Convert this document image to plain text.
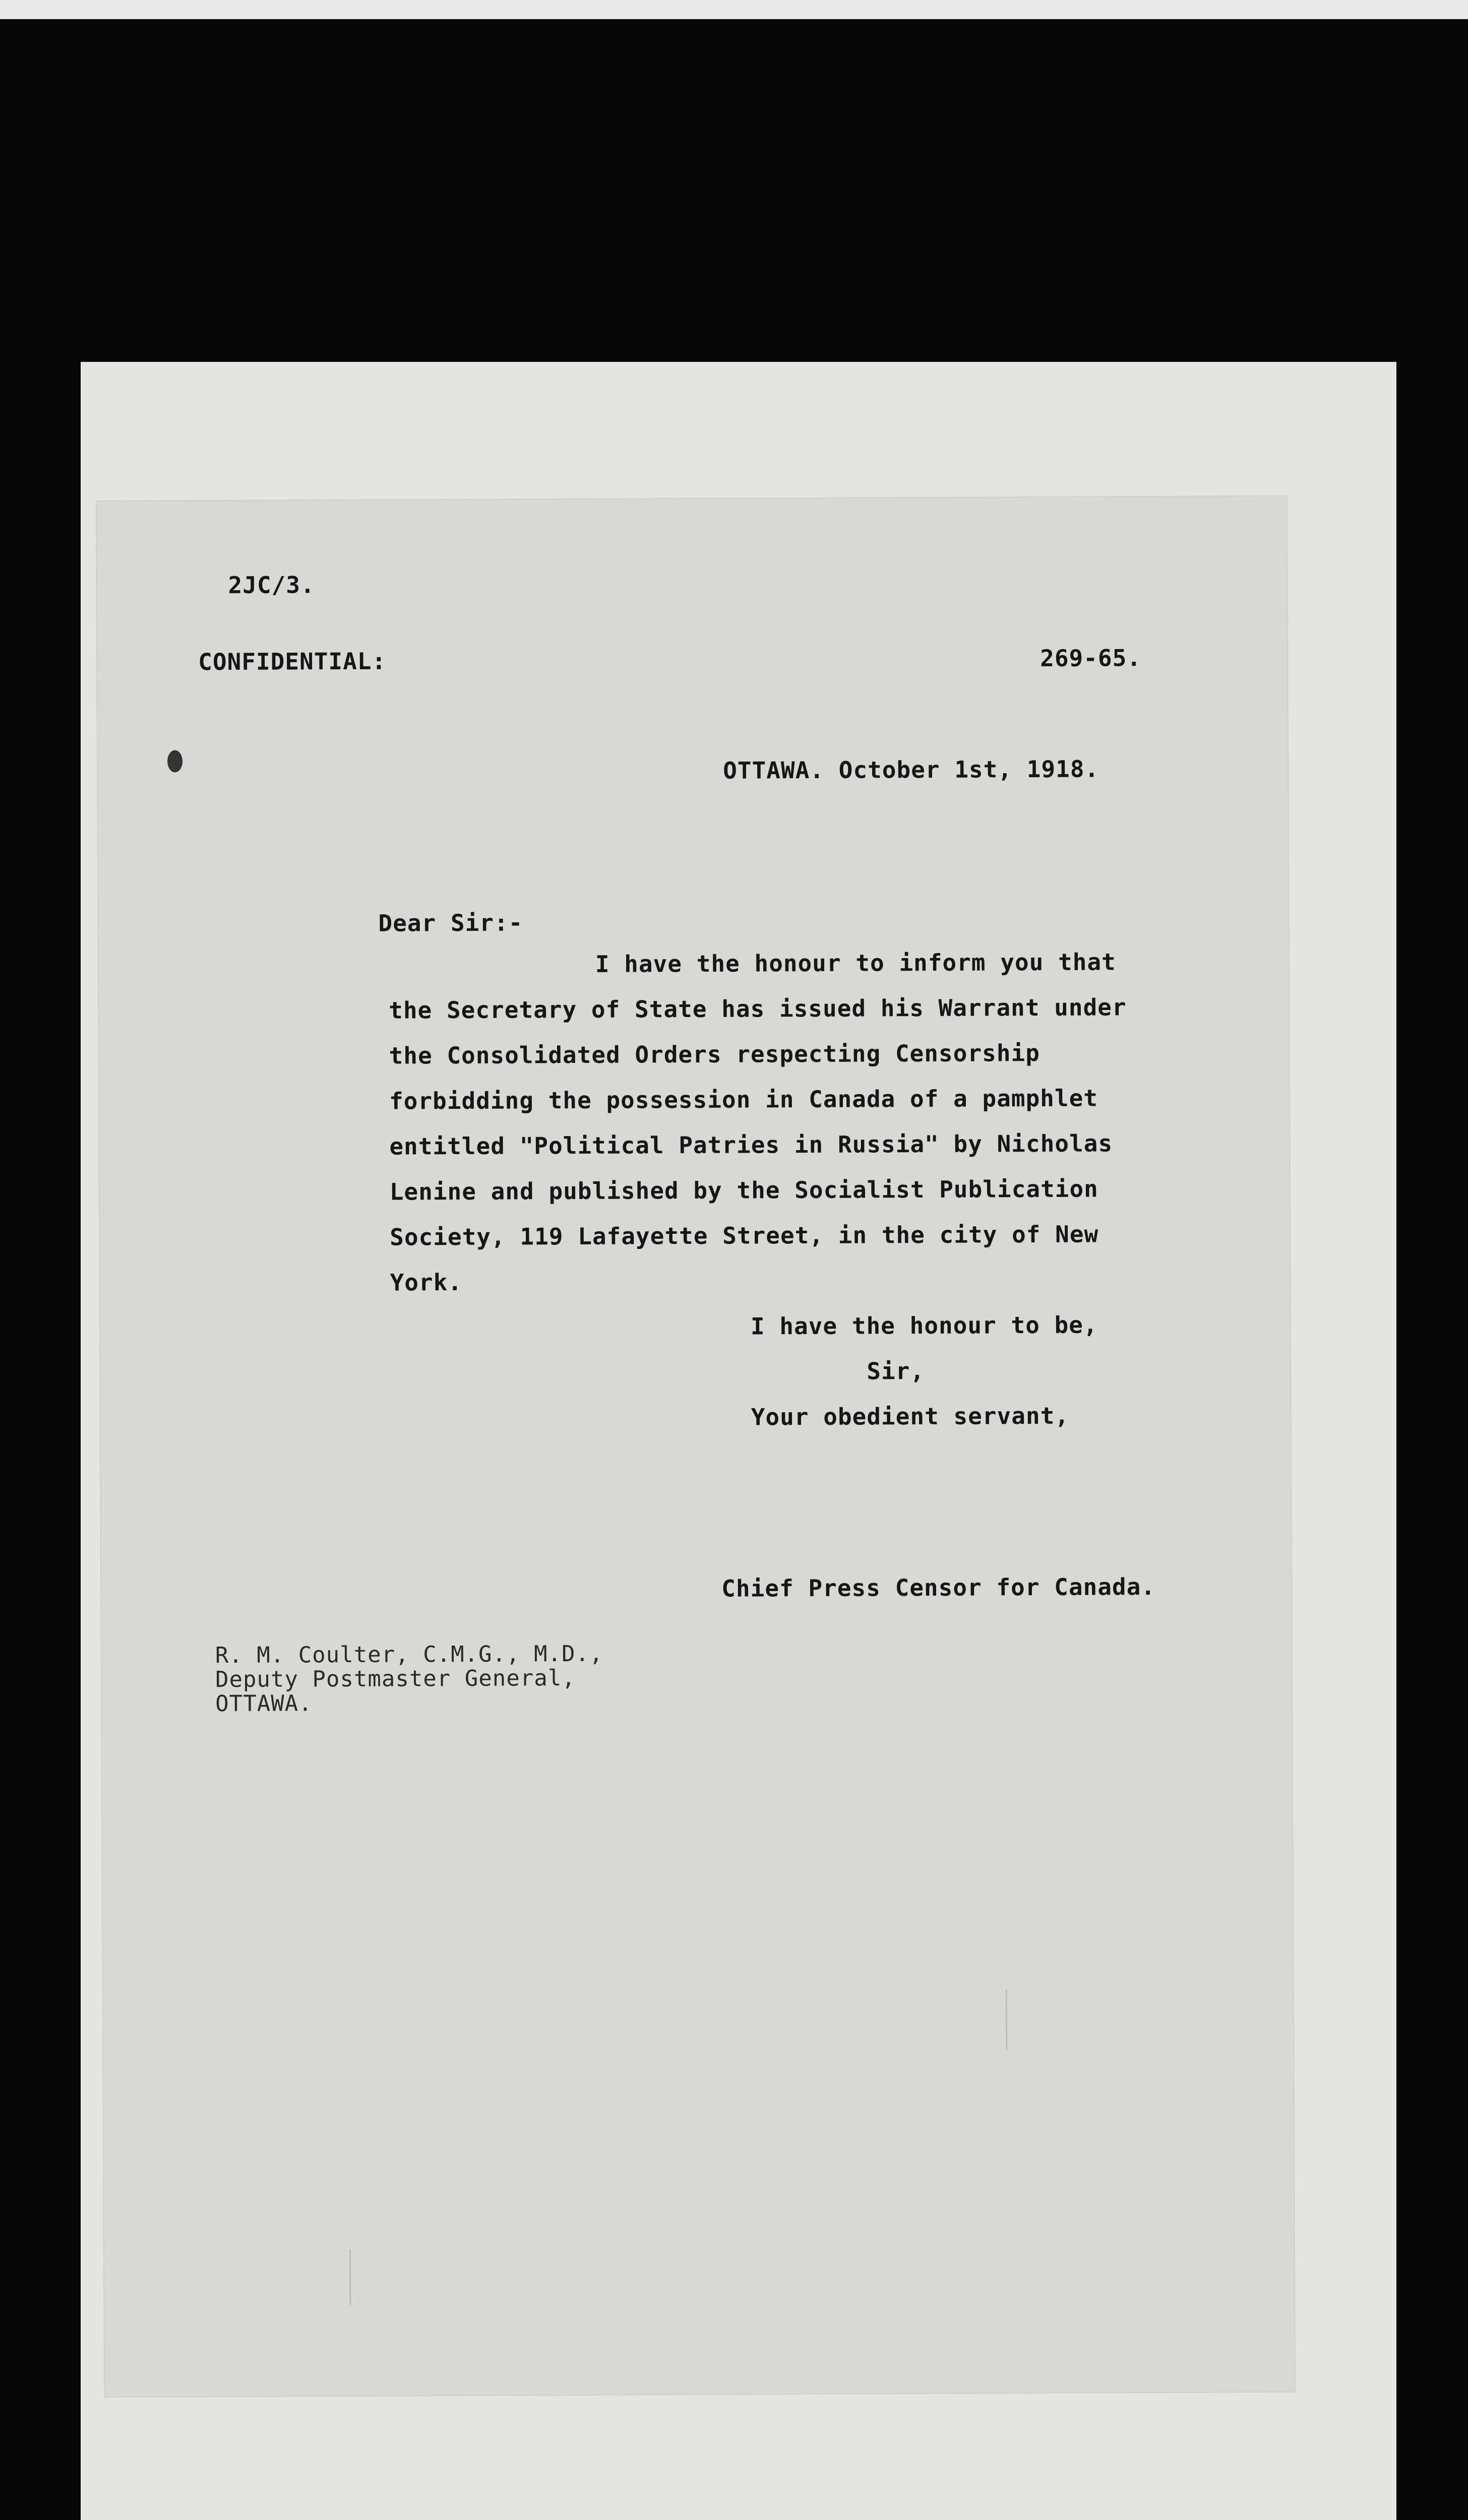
2JC/3.
CONFIDENTIAL:	269-65.
OTTAWA. October 1st, 1918.
Dear Sir:-
I have the honour to inform you that
the Secretary of State has issued his Warrant under
the Consolidated Orders respecting Censorship
forbidding the possession in Canada of a pamphlet
entitled "Political Patries in Russia" by Nicholas
Lenine and published by the Socialist Publication
Society, 119 Lafayette Street, in the city of New
York.
I have the honour to be,
Sir,
Your obedient servant,
Chief Press Censor for Canada.
R. M. Coulter, C.M.G., M.D.,
Deputy Postmaster General,
OTTAWA.
